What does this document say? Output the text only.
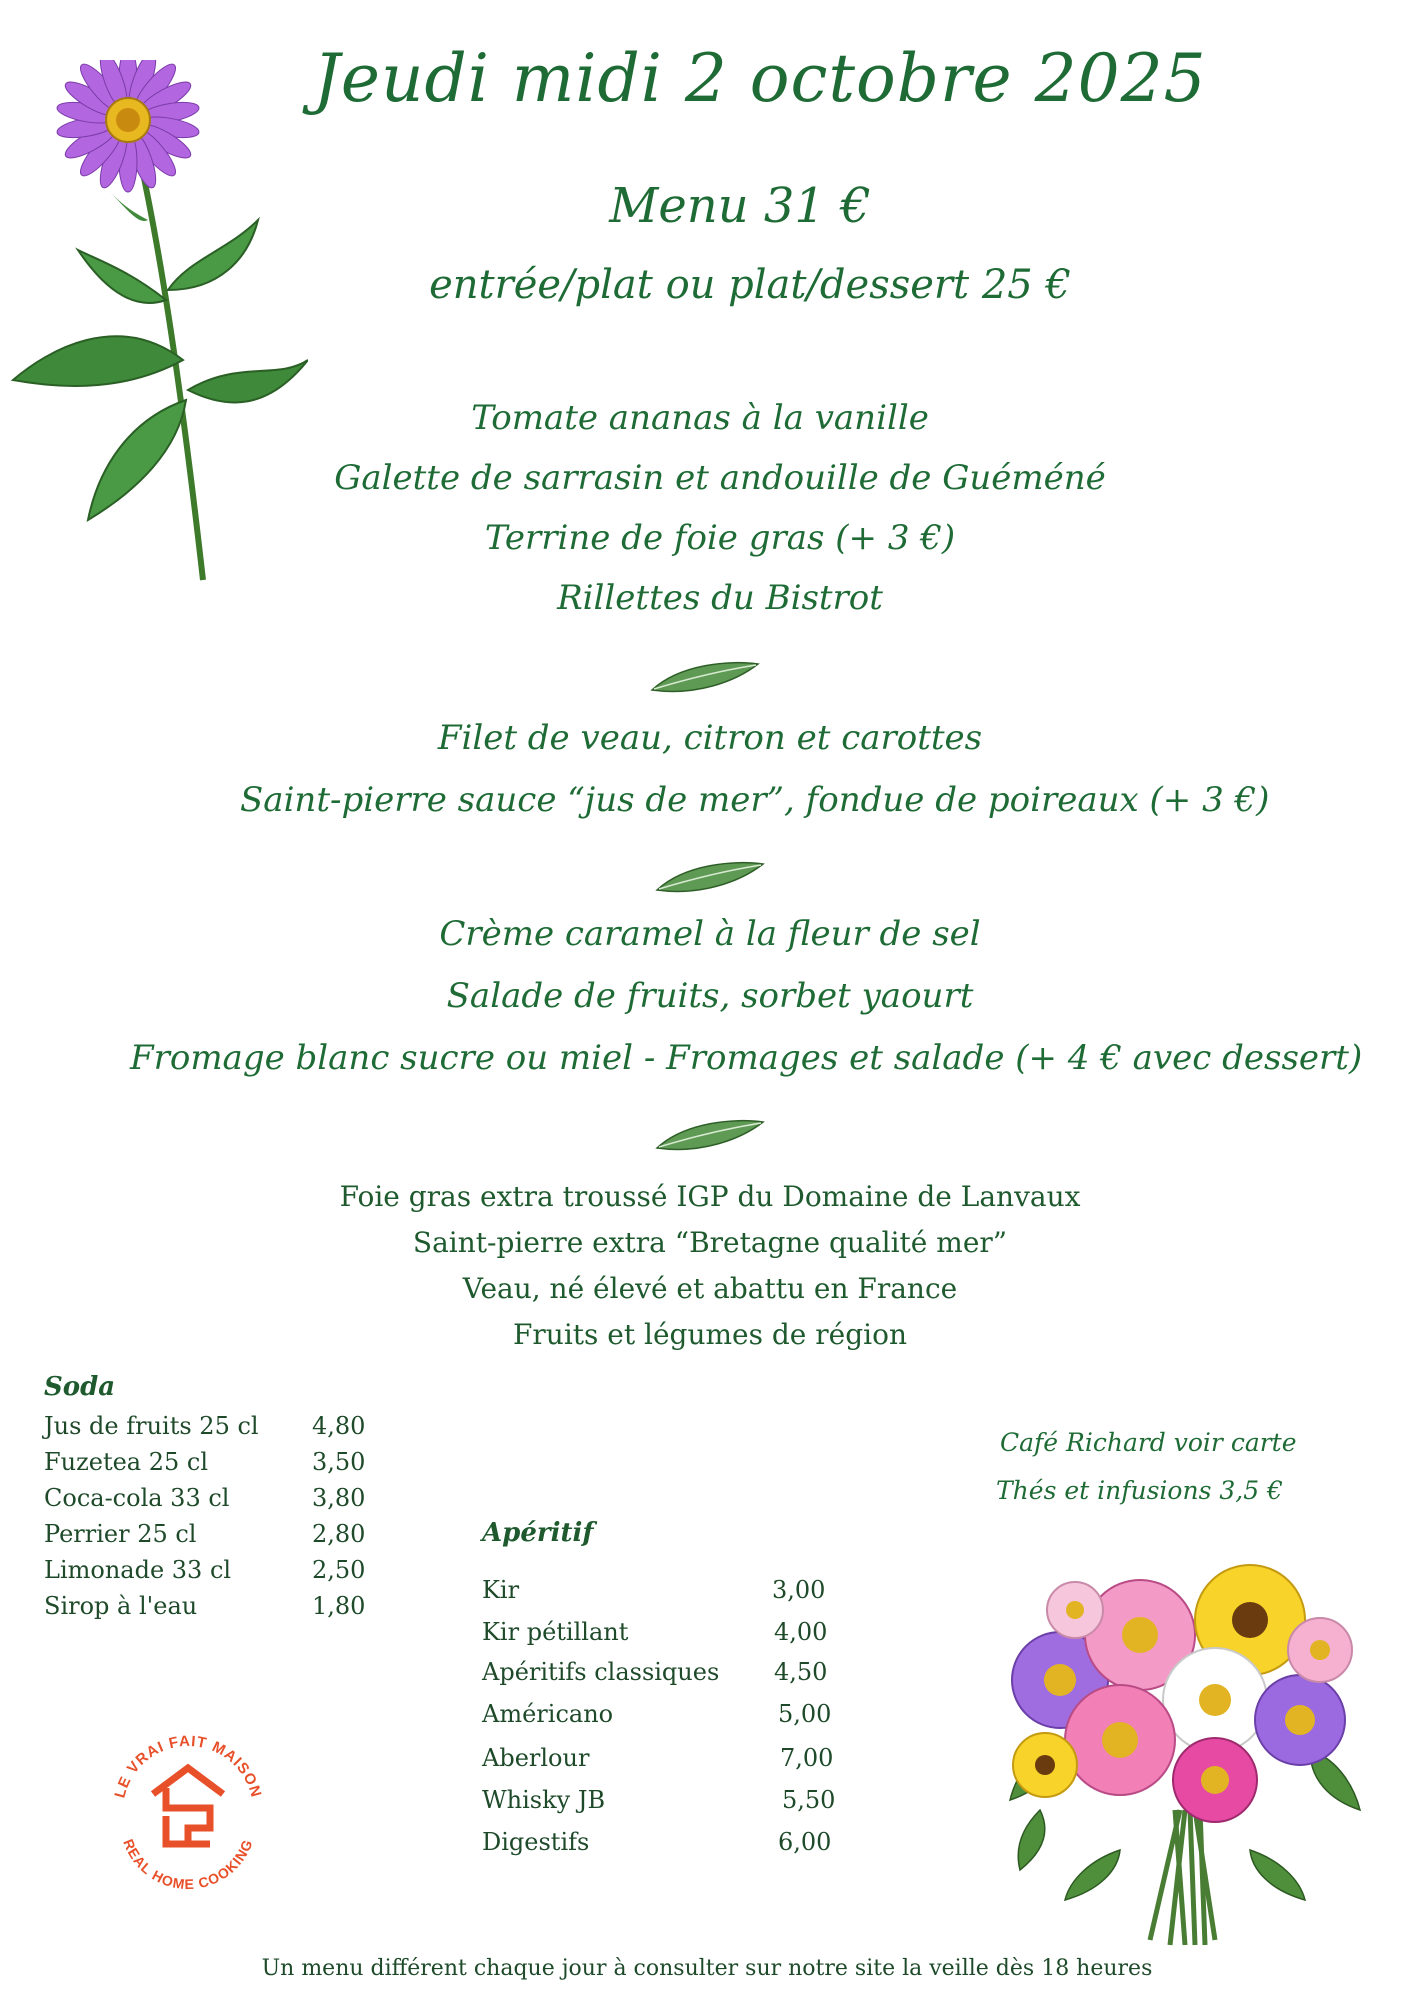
Jeudi midi 2 octobre 2025
Menu 31 €
entrée/plat ou plat/dessert 25 €
Tomate ananas à la vanille
Galette de sarrasin et andouille de Guéméné
Terrine de foie gras (+ 3 €)
Rillettes du Bistrot
Filet de veau, citron et carottes
Saint-pierre sauce “jus de mer”, fondue de poireaux (+ 3 €)
Crème caramel à la fleur de sel
Salade de fruits, sorbet yaourt
Fromage blanc sucre ou miel - Fromages et salade (+ 4 € avec dessert)
Foie gras extra troussé IGP du Domaine de Lanvaux
Saint-pierre extra “Bretagne qualité mer”
Veau, né élevé et abattu en France
Fruits et légumes de région
Soda
Jus de fruits 25 cl 4,80
Fuzetea 25 cl	3,50
Coca-cola 33 cl	3,80
Perrier 25 cl	2,80
Limonade 33 cl	2,50
Sirop à l'eau	1,80
Apéritif
Kir	3,00
Kir pétillant	4,00
Apéritifs classiques 4,50
Américano	5,00
Aberlour	7,00
Whisky JB	5,50
Digestifs	6,00
Café Richard voir carte
Thés et infusions 3,5 €
LE VRAI FAIT MAISON
REAL HOME COOKING
Un menu différent chaque jour à consulter sur notre site la veille dès 18 heures
